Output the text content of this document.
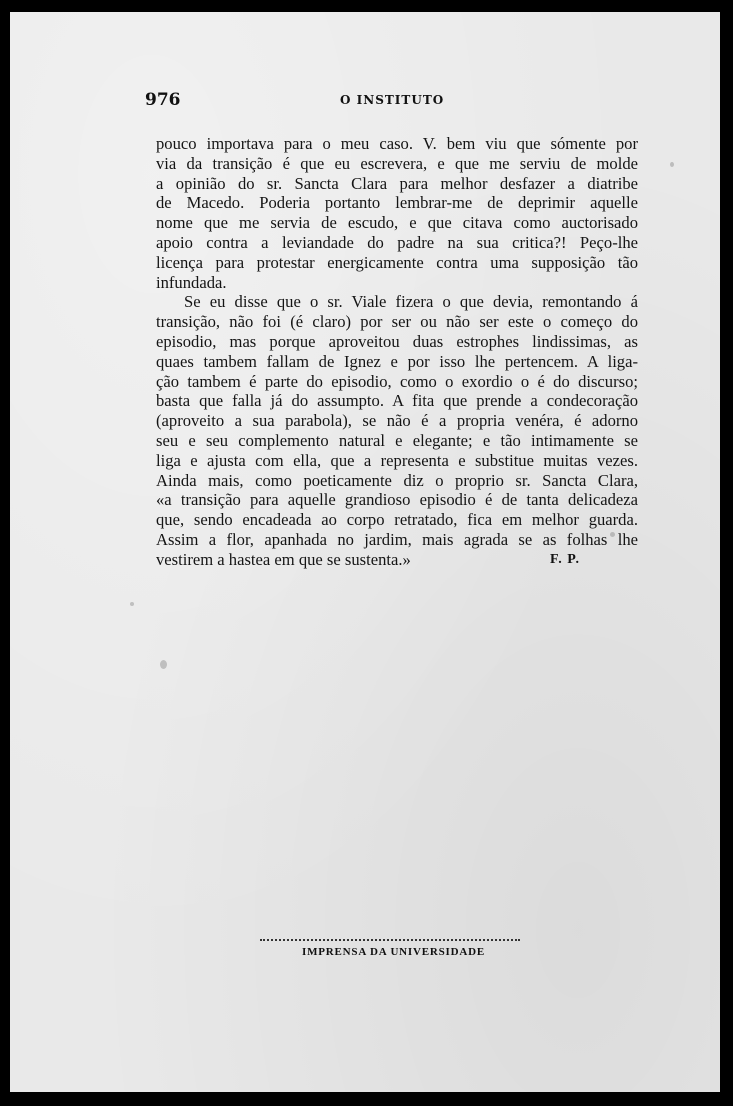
976	O INSTITUTO
pouco importava para o meu caso. V. bem viu que sómente por
via da transição é que eu escrevera, e que me serviu de molde
a opinião do sr. Sancta Clara para melhor desfazer a diatribe
de Macedo. Poderia portanto lembrar-me de deprimir aquelle
nome que me servia de escudo, e que citava como auctorisado
apoio contra a leviandade do padre na sua critica?! Peço-lhe
licença para protestar energicamente contra uma supposição tão
infundada.
Se eu disse que o sr. Viale fizera o que devia, remontando á
transição, não foi (é claro) por ser ou não ser este o começo do
episodio, mas porque aproveitou duas estrophes lindissimas, as
quaes tambem fallam de Ignez e por isso lhe pertencem. A liga-
ção tambem é parte do episodio, como o exordio o é do discurso;
basta que falla já do assumpto. A fita que prende a condecoração
(aproveito a sua parabola), se não é a propria venéra, é adorno
seu e seu complemento natural e elegante; e tão intimamente se
liga e ajusta com ella, que a representa e substitue muitas vezes.
Ainda mais, como poeticamente diz o proprio sr. Sancta Clara,
«a transição para aquelle grandioso episodio é de tanta delicadeza
que, sendo encadeada ao corpo retratado, fica em melhor guarda.
Assim a flor, apanhada no jardim, mais agrada se as folhas lhe
vestirem a hastea em que se sustenta.»	F. P.
IMPRENSA DA UNIVERSIDADE
